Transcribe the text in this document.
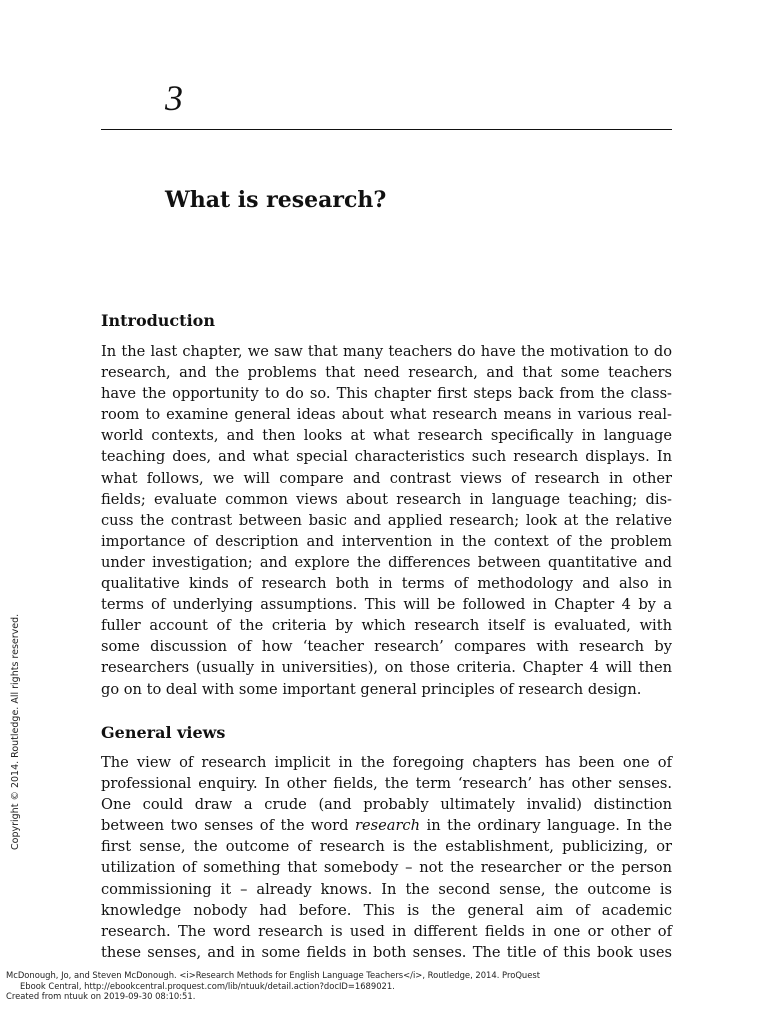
3
What is research?
Introduction
In the last chapter, we saw that many teachers do have the motivation to do
research, and the problems that need research, and that some teachers
have the opportunity to do so. This chapter first steps back from the class-
room to examine general ideas about what research means in various real-
world contexts, and then looks at what research specifically in language
teaching does, and what special characteristics such research displays. In
what follows, we will compare and contrast views of research in other
fields; evaluate common views about research in language teaching; dis-
cuss the contrast between basic and applied research; look at the relative
importance of description and intervention in the context of the problem
under investigation; and explore the differences between quantitative and
qualitative kinds of research both in terms of methodology and also in
terms of underlying assumptions. This will be followed in Chapter 4 by a
fuller account of the criteria by which research itself is evaluated, with
some discussion of how ‘teacher research’ compares with research by
researchers (usually in universities), on those criteria. Chapter 4 will then
go on to deal with some important general principles of research design.
General views
The view of research implicit in the foregoing chapters has been one of
professional enquiry. In other fields, the term ‘research’ has other senses.
One could draw a crude (and probably ultimately invalid) distinction
between two senses of the word research in the ordinary language. In the
first sense, the outcome of research is the establishment, publicizing, or
utilization of something that somebody – not the researcher or the person
commissioning it – already knows. In the second sense, the outcome is
knowledge nobody had before. This is the general aim of academic
research. The word research is used in different fields in one or other of
these senses, and in some fields in both senses. The title of this book uses
Copyright © 2014. Routledge. All rights reserved.
McDonough, Jo, and Steven McDonough. <i>Research Methods for English Language Teachers</i>, Routledge, 2014. ProQuest
Ebook Central, http://ebookcentral.proquest.com/lib/ntuuk/detail.action?docID=1689021.
Created from ntuuk on 2019-09-30 08:10:51.
